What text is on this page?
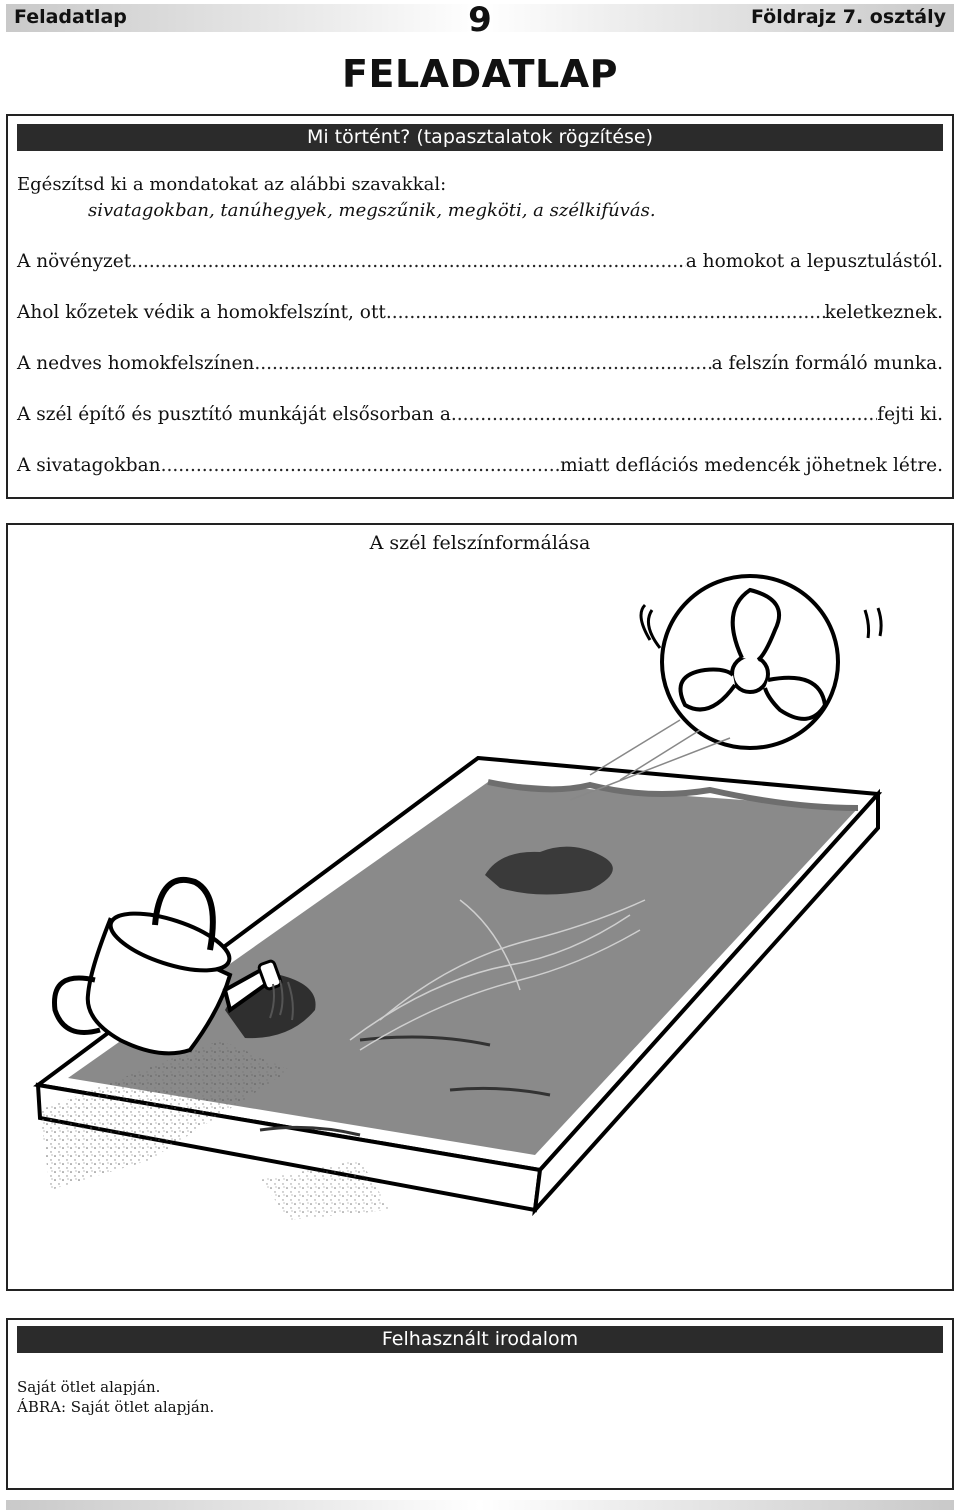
Feladatlap	9	Földrajz 7. osztály
FELADATLAP
Mi történt? (tapasztalatok rögzítése)
Egészítsd ki a mondatokat az alábbi szavakkal:
sivatagokban, tanúhegyek, megszűnik, megköti, a szélkifúvás.
A növényzet .....	a homokot a lepusztulástól.
Ahol kőzetek védik a homokfelszínt, ott .....	keletkeznek.
A nedves homokfelszínen .....	a felszín formáló munka.
A szél építő és pusztító munkáját elsősorban a .....	fejti ki.
A sivatagokban .....	miatt deflációs medencék jöhetnek létre.
A szél felszínformálása
Felhasznált irodalom
Saját ötlet alapján.
ÁBRA: Saját ötlet alapján.
